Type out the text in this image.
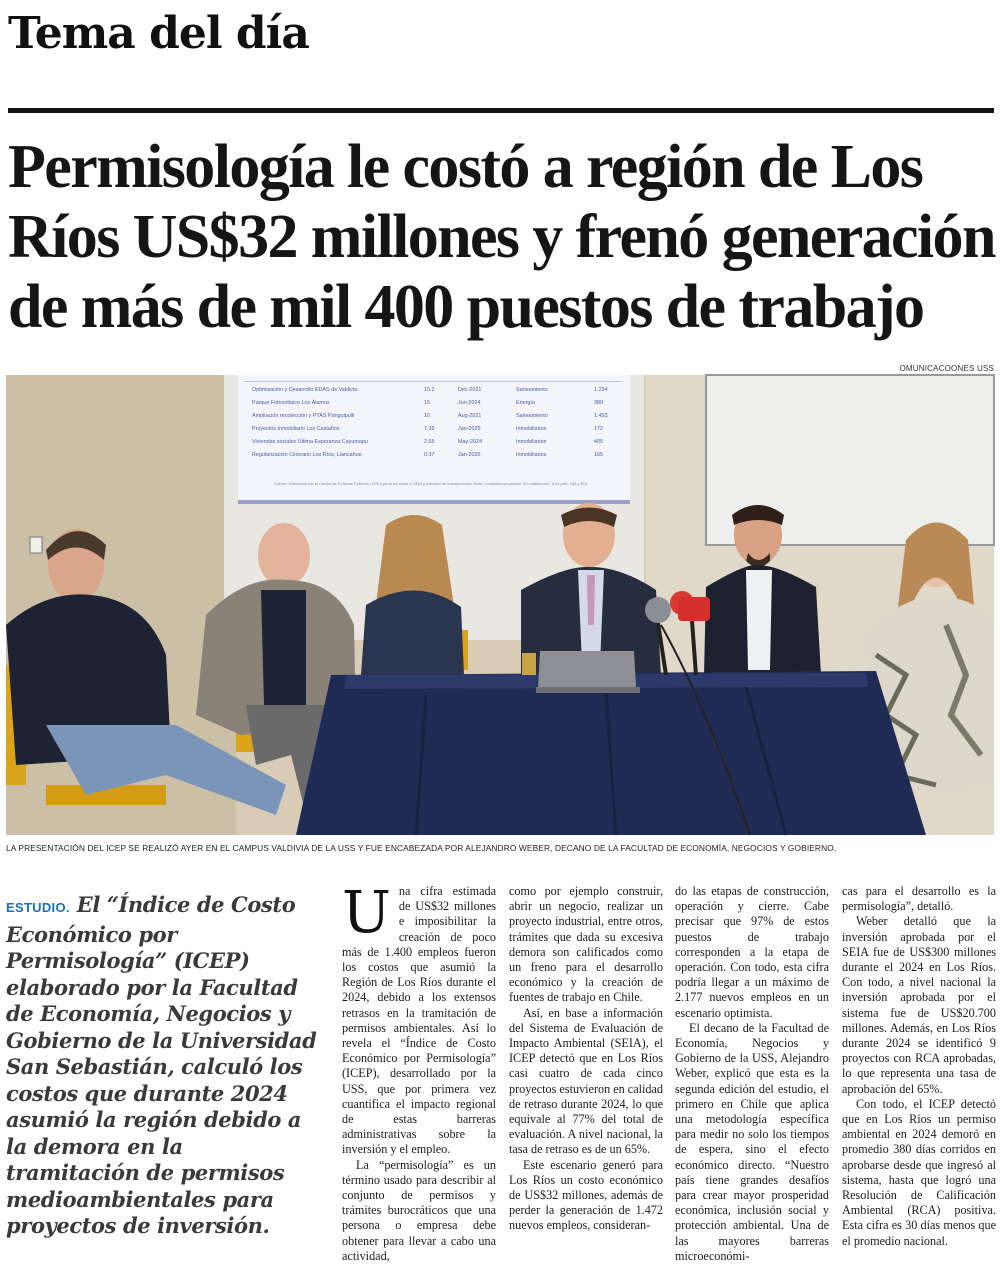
Tema del día
Permisología le costó a región de Los Ríos US$32 millones y frenó generación de más de mil 400 puestos de trabajo
OMUNICACOONES USS
Optimización y Desarrollo EDAS de Valdivia	15.2	Dec-2021	Saneamiento	1.234
Parque Fotovoltaico Los Álamos	15	Jun-2024	Energía	389
Ampliación recolección y PTAS Panguipulli	10	Aug-2021	Saneamiento	1.453
Proyectos Inmobiliario Los Castaños	7.39	Jan-2025	Inmobiliarios	172
Viviendas sociales Última Esperanza Cayumapu	2.65	May-2024	Inmobiliarios	405
Regularización Cinerario Los Ríos, Llancahue	0.37	Jan-2025	Inmobiliarios	165
Fuente: Elaborado por el Centro de Políticas Públicas USS a partir de cifras e-SEIA y solicitud de transparencia. Nota: Considera proyectos "En calificación" 8 de julio, DIA y EIA.
LA PRESENTACIÓN DEL ICEP SE REALIZÓ AYER EN EL CAMPUS VALDIVIA DE LA USS Y FUE ENCABEZADA POR ALEJANDRO WEBER, DECANO DE LA FACULTAD DE ECONOMÍA, NEGOCIOS Y GOBIERNO.
ESTUDIO. El “Índice de Costo Económico por Permisología” (ICEP) elaborado por la Facultad de Economía, Negocios y Gobierno de la Universidad San Sebastián, calculó los costos que durante 2024 asumió la región debido a la demora en la tramitación de permisos medioambientales para proyectos de inversión.
U na cifra estimada de US$32 millones e imposibilitar la creación de poco más de 1.400 empleos fueron los costos que asumió la Región de Los Ríos durante el 2024, debido a los extensos retrasos en la tramitación de permisos ambientales. Así lo revela el “Índice de Costo Económico por Permisología” (ICEP), desarrollado por la USS, que por primera vez cuantifica el impacto regional de estas barreras administrativas sobre la inversión y el empleo.

La “permisología” es un término usado para describir al conjunto de permisos y trámites burocráticos que una persona o empresa debe obtener para llevar a cabo una actividad,

como por ejemplo construir, abrir un negocio, realizar un proyecto industrial, entre otros, trámites que dada su excesiva demora son calificados como un freno para el desarrollo económico y la creación de fuentes de trabajo en Chile.

Así, en base a información del Sistema de Evaluación de Impacto Ambiental (SEIA), el ICEP detectó que en Los Ríos casi cuatro de cada cinco proyectos estuvieron en calidad de retraso durante 2024, lo que equivale al 77% del total de evaluación. A nivel nacional, la tasa de retraso es de un 65%.

Este escenario generó para Los Ríos un costo económico de US$32 millones, además de perder la generación de 1.472 nuevos empleos, consideran-

do las etapas de construcción, operación y cierre. Cabe precisar que 97% de estos puestos de trabajo corresponden a la etapa de operación. Con todo, esta cifra podría llegar a un máximo de 2.177 nuevos empleos en un escenario optimista.

El decano de la Facultad de Economía, Negocios y Gobierno de la USS, Alejandro Weber, explicó que esta es la segunda edición del estudio, el primero en Chile que aplica una metodología específica para medir no solo los tiempos de espera, sino el efecto económico directo. “Nuestro país tiene grandes desafíos para crear mayor prosperidad económica, inclusión social y protección ambiental. Una de las mayores barreras microeconómi-

cas para el desarrollo es la permisología”, detalló.

Weber detalló que la inversión aprobada por el SEIA fue de US$300 millones durante el 2024 en Los Ríos. Con todo, a nivel nacional la inversión aprobada por el sistema fue de US$20.700 millones. Además, en Los Ríos durante 2024 se identificó 9 proyectos con RCA aprobadas, lo que representa una tasa de aprobación del 65%.

Con todo, el ICEP detectó que en Los Ríos un permiso ambiental en 2024 demoró en promedio 380 días corridos en aprobarse desde que ingresó al sistema, hasta que logró una Resolución de Calificación Ambiental (RCA) positiva. Esta cifra es 30 días menos que el promedio nacional.
